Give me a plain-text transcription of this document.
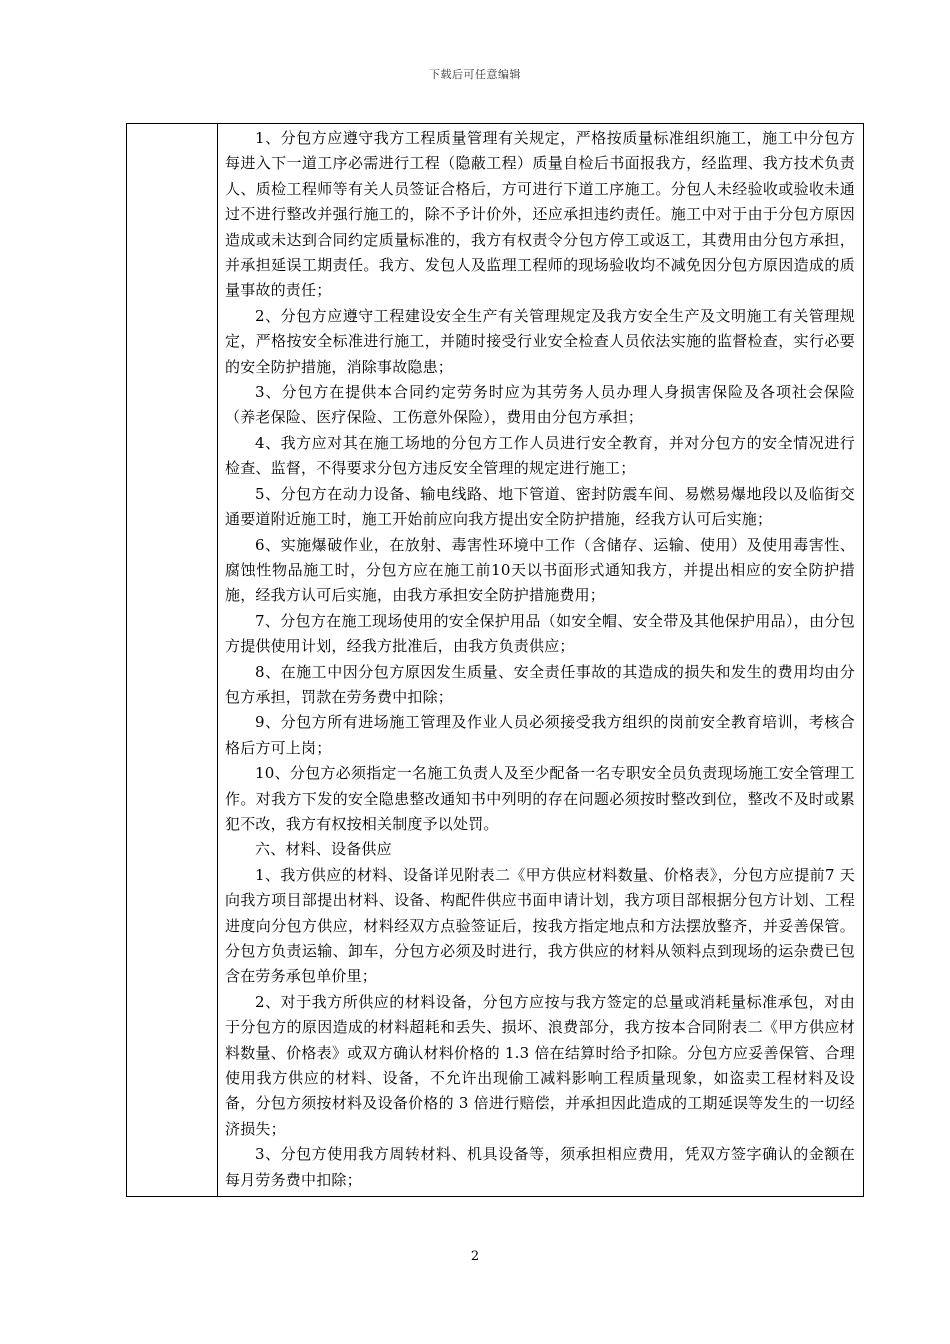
下载后可任意编辑

1、分包方应遵守我方工程质量管理有关规定，严格按质量标准组织施工，施工中分包方每进入下一道工序必需进行工程（隐蔽工程）质量自检后书面报我方，经监理、我方技术负责人、质检工程师等有关人员签证合格后，方可进行下道工序施工。分包人未经验收或验收未通过不进行整改并强行施工的，除不予计价外，还应承担违约责任。施工中对于由于分包方原因造成或未达到合同约定质量标准的，我方有权责令分包方停工或返工，其费用由分包方承担，并承担延误工期责任。我方、发包人及监理工程师的现场验收均不减免因分包方原因造成的质量事故的责任；

2、分包方应遵守工程建设安全生产有关管理规定及我方安全生产及文明施工有关管理规定，严格按安全标准进行施工，并随时接受行业安全检查人员依法实施的监督检查，实行必要的安全防护措施，消除事故隐患；

3、分包方在提供本合同约定劳务时应为其劳务人员办理人身损害保险及各项社会保险（养老保险、医疗保险、工伤意外保险），费用由分包方承担；

4、我方应对其在施工场地的分包方工作人员进行安全教育，并对分包方的安全情况进行检查、监督，不得要求分包方违反安全管理的规定进行施工；

5、分包方在动力设备、输电线路、地下管道、密封防震车间、易燃易爆地段以及临街交通要道附近施工时，施工开始前应向我方提出安全防护措施，经我方认可后实施；

6、实施爆破作业，在放射、毒害性环境中工作（含储存、运输、使用）及使用毒害性、腐蚀性物品施工时，分包方应在施工前10天以书面形式通知我方，并提出相应的安全防护措施，经我方认可后实施，由我方承担安全防护措施费用；

7、分包方在施工现场使用的安全保护用品（如安全帽、安全带及其他保护用品），由分包方提供使用计划，经我方批准后，由我方负责供应；

8、在施工中因分包方原因发生质量、安全责任事故的其造成的损失和发生的费用均由分包方承担，罚款在劳务费中扣除；

9、分包方所有进场施工管理及作业人员必须接受我方组织的岗前安全教育培训，考核合格后方可上岗；

10、分包方必须指定一名施工负责人及至少配备一名专职安全员负责现场施工安全管理工作。对我方下发的安全隐患整改通知书中列明的存在问题必须按时整改到位，整改不及时或累犯不改，我方有权按相关制度予以处罚。

六、材料、设备供应

1、我方供应的材料、设备详见附表二《甲方供应材料数量、价格表》，分包方应提前7 天向我方项目部提出材料、设备、构配件供应书面申请计划，我方项目部根据分包方计划、工程进度向分包方供应，材料经双方点验签证后，按我方指定地点和方法摆放整齐，并妥善保管。分包方负责运输、卸车，分包方必须及时进行，我方供应的材料从领料点到现场的运杂费已包含在劳务承包单价里；

2、对于我方所供应的材料设备，分包方应按与我方签定的总量或消耗量标准承包，对由于分包方的原因造成的材料超耗和丢失、损坏、浪费部分，我方按本合同附表二《甲方供应材料数量、价格表》或双方确认材料价格的 1.3 倍在结算时给予扣除。分包方应妥善保管、合理使用我方供应的材料、设备，不允许出现偷工减料影响工程质量现象，如盗卖工程材料及设备，分包方须按材料及设备价格的 3 倍进行赔偿，并承担因此造成的工期延误等发生的一切经济损失；

3、分包方使用我方周转材料、机具设备等，须承担相应费用，凭双方签字确认的金额在每月劳务费中扣除；

2
